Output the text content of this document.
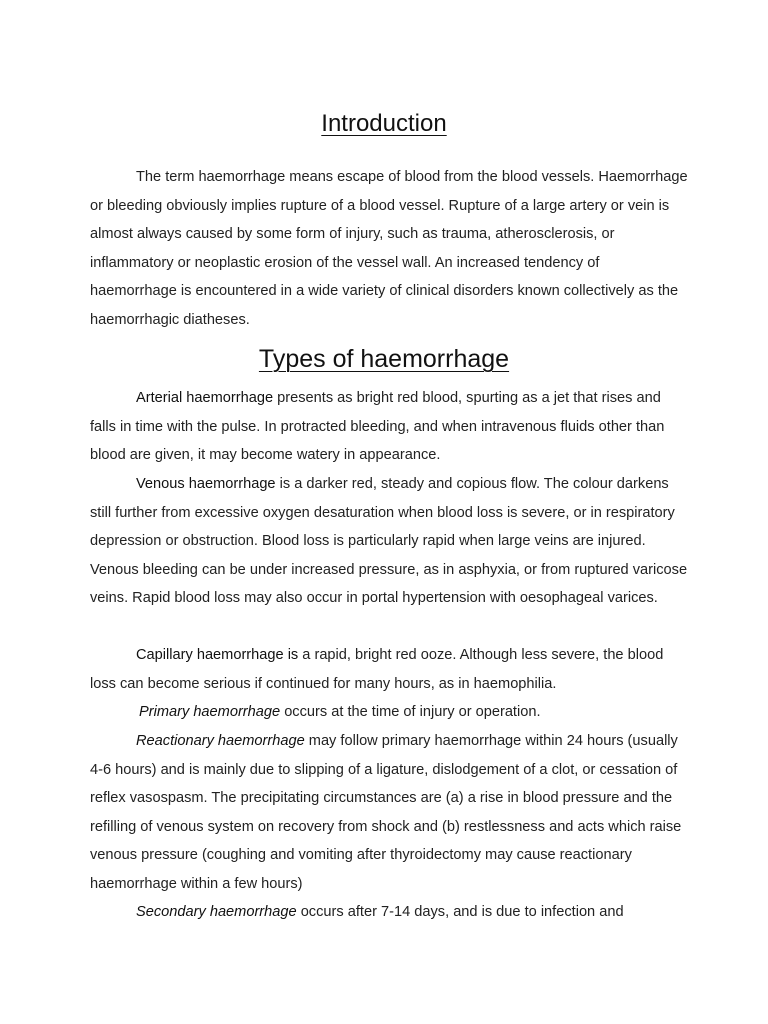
Introduction

The term haemorrhage means escape of blood from the blood vessels. Haemorrhage or bleeding obviously implies rupture of a blood vessel. Rupture of a large artery or vein is almost always caused by some form of injury, such as trauma, atherosclerosis, or inflammatory or neoplastic erosion of the vessel wall. An increased tendency of haemorrhage is encountered in a wide variety of clinical disorders known collectively as the haemorrhagic diatheses.

Types of haemorrhage

Arterial haemorrhage presents as bright red blood, spurting as a jet that rises and falls in time with the pulse. In protracted bleeding, and when intravenous fluids other than blood are given, it may become watery in appearance.

Venous haemorrhage is a darker red, steady and copious flow. The colour darkens still further from excessive oxygen desaturation when blood loss is severe, or in respiratory depression or obstruction. Blood loss is particularly rapid when large veins are injured. Venous bleeding can be under increased pressure, as in asphyxia, or from ruptured varicose veins. Rapid blood loss may also occur in portal hypertension with oesophageal varices.

Capillary haemorrhage is a rapid, bright red ooze. Although less severe, the blood loss can become serious if continued for many hours, as in haemophilia.

Primary haemorrhage occurs at the time of injury or operation.

Reactionary haemorrhage may follow primary haemorrhage within 24 hours (usually 4-6 hours) and is mainly due to slipping of a ligature, dislodgement of a clot, or cessation of reflex vasospasm. The precipitating circumstances are (a) a rise in blood pressure and the refilling of venous system on recovery from shock and (b) restlessness and acts which raise venous pressure (coughing and vomiting after thyroidectomy may cause reactionary haemorrhage within a few hours)

Secondary haemorrhage occurs after 7-14 days, and is due to infection and
